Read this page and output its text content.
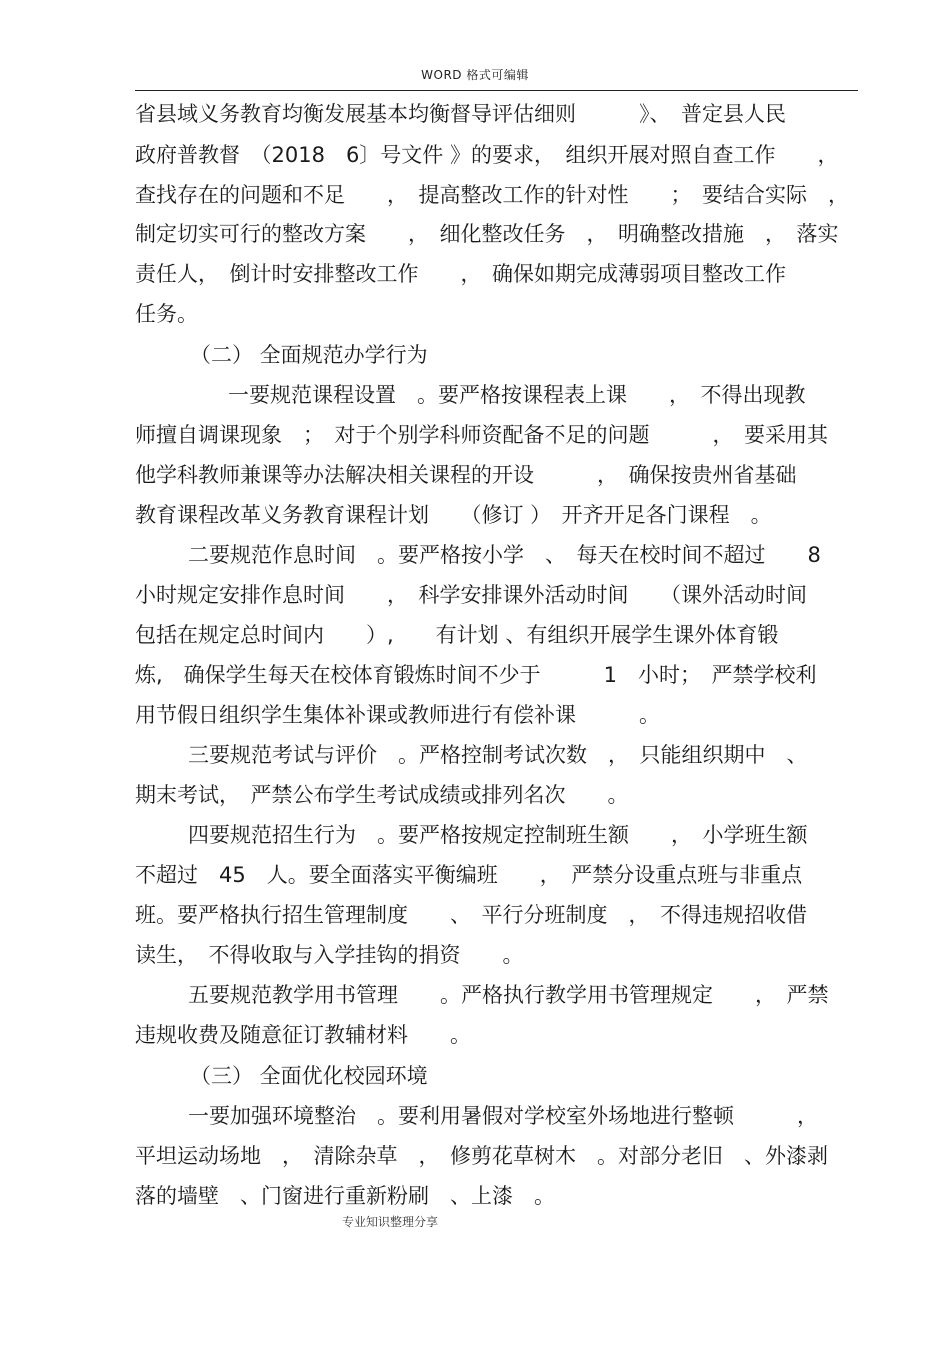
WORD 格式可编辑
省县域义务教育均衡发展基本均衡督导评估细则　　　》、　普定县人民
政府普教督　（2018　6〕号文件 》的要求，　组织开展对照自查工作　　，
查找存在的问题和不足　　，　提高整改工作的针对性　　；　要结合实际　，
制定切实可行的整改方案　　，　细化整改任务　，　明确整改措施　，　落实
责任人，　倒计时安排整改工作　　，　确保如期完成薄弱项目整改工作
任务。
（二） 全面规范办学行为
一要规范课程设置　。要严格按课程表上课　　，　不得出现教
师擅自调课现象　；　对于个别学科师资配备不足的问题　　　，　要采用其
他学科教师兼课等办法解决相关课程的开设　　　，　确保按贵州省基础
教育课程改革义务教育课程计划　　（修订 ）　开齐开足各门课程　。
二要规范作息时间　。要严格按小学　、　每天在校时间不超过　　8
小时规定安排作息时间　　，　科学安排课外活动时间　　（课外活动时间
包括在规定总时间内　　）,　　有计划 、有组织开展学生课外体育锻
炼,　确保学生每天在校体育锻炼时间不少于　　　1　小时；　严禁学校利
用节假日组织学生集体补课或教师进行有偿补课　　　。
三要规范考试与评价　。严格控制考试次数　，　只能组织期中　、
期末考试，　严禁公布学生考试成绩或排列名次　　。
四要规范招生行为　。要严格按规定控制班生额　　，　小学班生额
不超过　45　人。要全面落实平衡编班　　，　严禁分设重点班与非重点
班。要严格执行招生管理制度　　、　平行分班制度　，　不得违规招收借
读生，　不得收取与入学挂钩的捐资　　。
五要规范教学用书管理　　。严格执行教学用书管理规定　　，　严禁
违规收费及随意征订教辅材料　　。
（三） 全面优化校园环境
一要加强环境整治　。要利用暑假对学校室外场地进行整顿　　　，
平坦运动场地　，　清除杂草　，　修剪花草树木　。对部分老旧　、外漆剥
落的墙壁　、门窗进行重新粉刷　、上漆　。
专业知识整理分享
